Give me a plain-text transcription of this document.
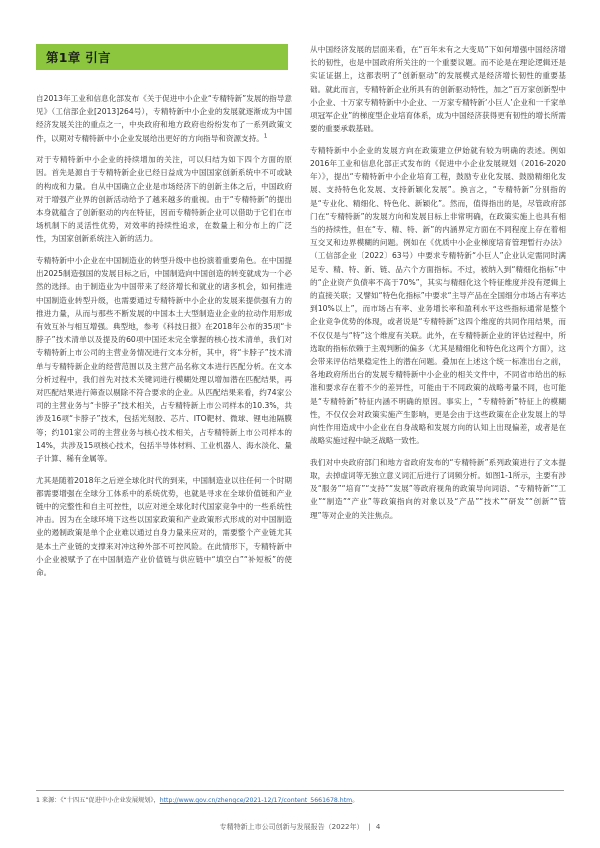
第1章 引言

自2013年工业和信息化部发布《关于促进中小企业“专精特新”发展的指导意见》（工信部企业[2013]264号），专精特新中小企业的发展就逐渐成为中国经济发展关注的重点之一，中央政府和地方政府也纷纷发布了一系列政策文件，以期对专精特新中小企业发展给出更好的方向指导和资源支持。$^1$

对于专精特新中小企业的持续增加的关注，可以归结为如下四个方面的原因。首先是源自于专精特新企业已经日益成为中国国家创新系统中不可或缺的构成和力量。自从中国确立企业是市场经济下的创新主体之后，中国政府对于增强产业界的创新活动给予了越来越多的重视。由于“专精特新”的提出本身就蕴含了创新驱动的内在特征，因而专精特新企业可以借助于它们在市场机制下的灵活性优势，对效率的持续性追求，在数量上和分布上的广泛性，为国家创新系统注入新的活力。

专精特新中小企业在中国制造业的转型升级中也扮演着重要角色。在中国提出2025制造强国的发展目标之后，中国制造向中国创造的转变就成为一个必然的选择。由于制造业为中国带来了经济增长和就业的诸多机会，如何推进中国制造业转型升级，也需要通过专精特新中小企业的发展来提供强有力的推进力量，从而与那些不断发展的中国本土大型制造业企业的拉动作用形成有效互补与相互增强。典型地，参考《科技日报》在2018年公布的35项“卡脖子”技术清单以及提及的60项中国还未完全掌握的核心技术清单，我们对专精特新上市公司的主营业务情况进行文本分析，其中，将“卡脖子”技术清单与专精特新企业的经营范围以及主营产品名称文本进行匹配分析。在文本分析过程中，我们首先对技术关键词进行模糊处理以增加潜在匹配结果，再对匹配结果进行筛查以剔除不符合要求的企业。从匹配结果来看，约74家公司的主营业务与“卡脖子”技术相关，占专精特新上市公司样本的10.3%，共涉及16项“卡脖子”技术，包括光刻胶、芯片、ITO靶材、微球、锂电池隔膜等；约101家公司的主营业务与核心技术相关，占专精特新上市公司样本的14%，共涉及15项核心技术，包括半导体材料、工业机器人、海水淡化、量子计算、稀有金属等。

尤其是随着2018年之后逆全球化时代的到来，中国制造业以往任何一个时期都需要增强在全球分工体系中的系统优势，也就是寻求在全球价值链和产业链中的完整性和自主可控性，以应对逆全球化时代国家竞争中的一些系统性冲击。因为在全球环境下这些以国家政策和产业政策形式形成的对中国制造业的遏制政策是单个企业难以通过自身力量来应对的，需要整个产业链尤其是本土产业链的支撑来对冲这种外部不可控风险。在此情形下，专精特新中小企业被赋予了在中国制造产业价值链与供应链中“填空白”“补短板”的使命。

从中国经济发展的层面来看，在“百年未有之大变局”下如何增强中国经济增长的韧性，也是中国政府所关注的一个重要议题。而不论是在理论逻辑还是实证证据上，这都表明了“创新驱动”的发展模式是经济增长韧性的重要基础。就此而言，专精特新企业所具有的创新驱动特性，加之“百万家创新型中小企业、十万家专精特新中小企业、一万家专精特新‘小巨人’企业和一千家单项冠军企业”的梯度型企业培育体系，成为中国经济获得更有韧性的增长所需要的重要承载基础。

专精特新中小企业的发展方向在政策建立伊始就有较为明确的表述。例如2016年工业和信息化部正式发布的《促进中小企业发展规划（2016-2020年）》，提出“专精特新中小企业培育工程，鼓励专业化发展、鼓励精细化发展、支持特色化发展、支持新颖化发展”。换言之，“专精特新”分别指的是“专业化、精细化、特色化、新颖化”。然而，值得指出的是，尽管政府部门在“专精特新”的发展方向和发展目标上非常明确，在政策实施上也具有相当的持续性，但在“专、精、特、新”的内涵界定方面在不同程度上存在着相互交叉和边界模糊的问题。例如在《优质中小企业梯度培育管理暂行办法》（工信部企业〔2022〕63号）中要求专精特新“小巨人”企业认定需同时满足专、精、特、新、链、品六个方面指标。不过，被纳入到“精细化指标”中的“企业资产负债率不高于70%”，其实与精细化这个特征维度并没有逻辑上的直接关联；又譬如“特色化指标”中要求“主导产品在全国细分市场占有率达到10%以上”，而市场占有率、业务增长率和盈利水平这些指标通常是整个企业竞争优势的体现，或者说是“专精特新”这四个维度的共同作用结果，而不仅仅是与“特”这个维度有关联。此外，在专精特新企业的评估过程中，所选取的指标依赖于主观判断的偏多（尤其是精细化和特色化这两个方面），这会带来评估结果稳定性上的潜在问题。叠加在上述这个统一标准出台之前，各地政府所出台的发展专精特新中小企业的相关文件中，不同省市给出的标准和要求存在着不少的差异性，可能由于不同政策的战略考量不同，也可能是“专精特新”特征内涵不明确的原因。事实上，“专精特新”特征上的模糊性，不仅仅会对政策实施产生影响，更是会由于这些政策在企业发展上的导向性作用造成中小企业在自身战略和发展方向的认知上出现偏差，或者是在战略实施过程中缺乏战略一致性。

我们对中央政府部门和地方省政府发布的“专精特新”系列政策进行了文本提取，去掉虚词等无独立意义词汇后进行了词频分析。如图1-1所示，主要有涉及“服务”“培育”“支持”“发展”等政府视角的政策导向词语、“专精特新”“工业”“制造”“产业”等政策指向的对象以及“产品”“技术”“研发”“创新”“管理”等对企业的关注焦点。

1 来源：《“十四五”促进中小企业发展规划》，http://www.gov.cn/zhengce/2021-12/17/content_5661678.htm。
专精特新上市公司创新与发展报告（2022年） | 4
